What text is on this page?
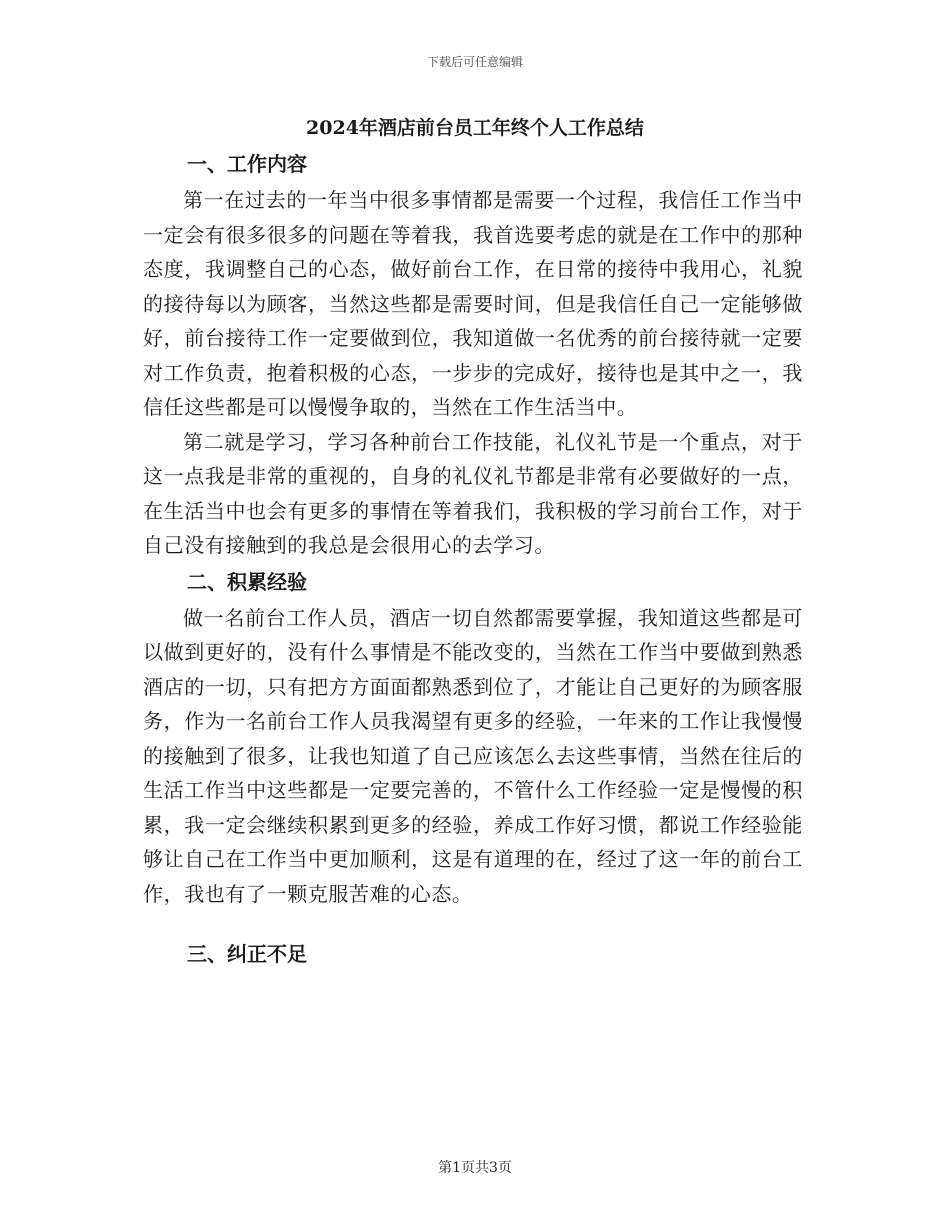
下载后可任意编辑
2024年酒店前台员工年终个人工作总结
一、工作内容

第一在过去的一年当中很多事情都是需要一个过程，我信任工作当中一定会有很多很多的问题在等着我，我首选要考虑的就是在工作中的那种态度，我调整自己的心态，做好前台工作，在日常的接待中我用心，礼貌的接待每以为顾客，当然这些都是需要时间，但是我信任自己一定能够做好，前台接待工作一定要做到位，我知道做一名优秀的前台接待就一定要对工作负责，抱着积极的心态，一步步的完成好，接待也是其中之一，我信任这些都是可以慢慢争取的，当然在工作生活当中。

第二就是学习，学习各种前台工作技能，礼仪礼节是一个重点，对于这一点我是非常的重视的，自身的礼仪礼节都是非常有必要做好的一点，在生活当中也会有更多的事情在等着我们，我积极的学习前台工作，对于自己没有接触到的我总是会很用心的去学习。

二、积累经验

做一名前台工作人员，酒店一切自然都需要掌握，我知道这些都是可以做到更好的，没有什么事情是不能改变的，当然在工作当中要做到熟悉酒店的一切，只有把方方面面都熟悉到位了，才能让自己更好的为顾客服务，作为一名前台工作人员我渴望有更多的经验，一年来的工作让我慢慢的接触到了很多，让我也知道了自己应该怎么去这些事情，当然在往后的生活工作当中这些都是一定要完善的，不管什么工作经验一定是慢慢的积累，我一定会继续积累到更多的经验，养成工作好习惯，都说工作经验能够让自己在工作当中更加顺利，这是有道理的在，经过了这一年的前台工作，我也有了一颗克服苦难的心态。

三、纠正不足
第1页共3页
